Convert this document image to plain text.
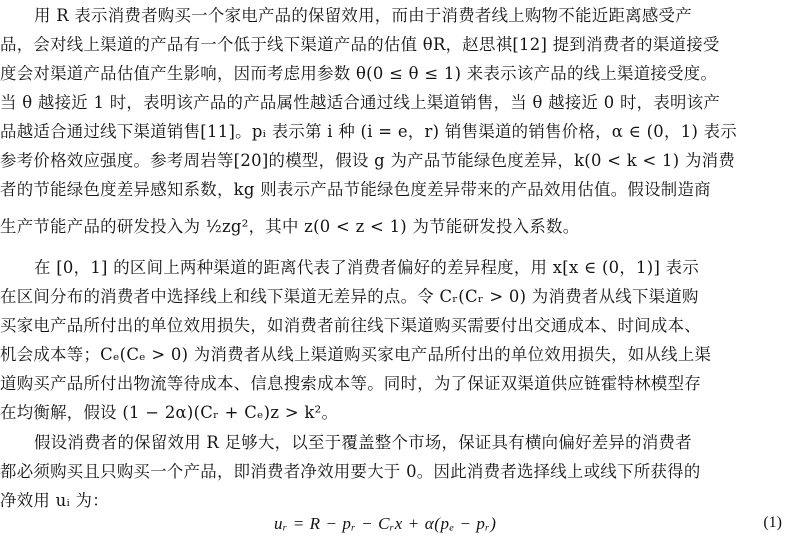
用 R 表示消费者购买一个家电产品的保留效用，而由于消费者线上购物不能近距离感受产
品，会对线上渠道的产品有一个低于线下渠道产品的估值 θR，赵思祺[12] 提到消费者的渠道接受
度会对渠道产品估值产生影响，因而考虑用参数 θ(0 ≤ θ ≤ 1) 来表示该产品的线上渠道接受度。
当 θ 越接近 1 时，表明该产品的产品属性越适合通过线上渠道销售，当 θ 越接近 0 时，表明该产
品越适合通过线下渠道销售[11]。pᵢ 表示第 i 种 (i = e，r) 销售渠道的销售价格，α ∈ (0，1) 表示
参考价格效应强度。参考周岩等[20]的模型，假设 g 为产品节能绿色度差异，k(0 < k < 1) 为消费
者的节能绿色度差异感知系数，kg 则表示产品节能绿色度差异带来的产品效用估值。假设制造商
生产节能产品的研发投入为 ½zg²，其中 z(0 < z < 1) 为节能研发投入系数。
在 [0，1] 的区间上两种渠道的距离代表了消费者偏好的差异程度，用 x[x ∈ (0，1)] 表示
在区间分布的消费者中选择线上和线下渠道无差异的点。令 Cᵣ(Cᵣ > 0) 为消费者从线下渠道购
买家电产品所付出的单位效用损失，如消费者前往线下渠道购买需要付出交通成本、时间成本、
机会成本等；Cₑ(Cₑ > 0) 为消费者从线上渠道购买家电产品所付出的单位效用损失，如从线上渠
道购买产品所付出物流等待成本、信息搜索成本等。同时，为了保证双渠道供应链霍特林模型存
在均衡解，假设 (1 − 2α)(Cᵣ + Cₑ)z > k²。
假设消费者的保留效用 R 足够大，以至于覆盖整个市场，保证具有横向偏好差异的消费者
都必须购买且只购买一个产品，即消费者净效用要大于 0。因此消费者选择线上或线下所获得的
净效用 uᵢ 为：
uᵣ = R − pᵣ − Cᵣx + α(pₑ − pᵣ)	(1)
